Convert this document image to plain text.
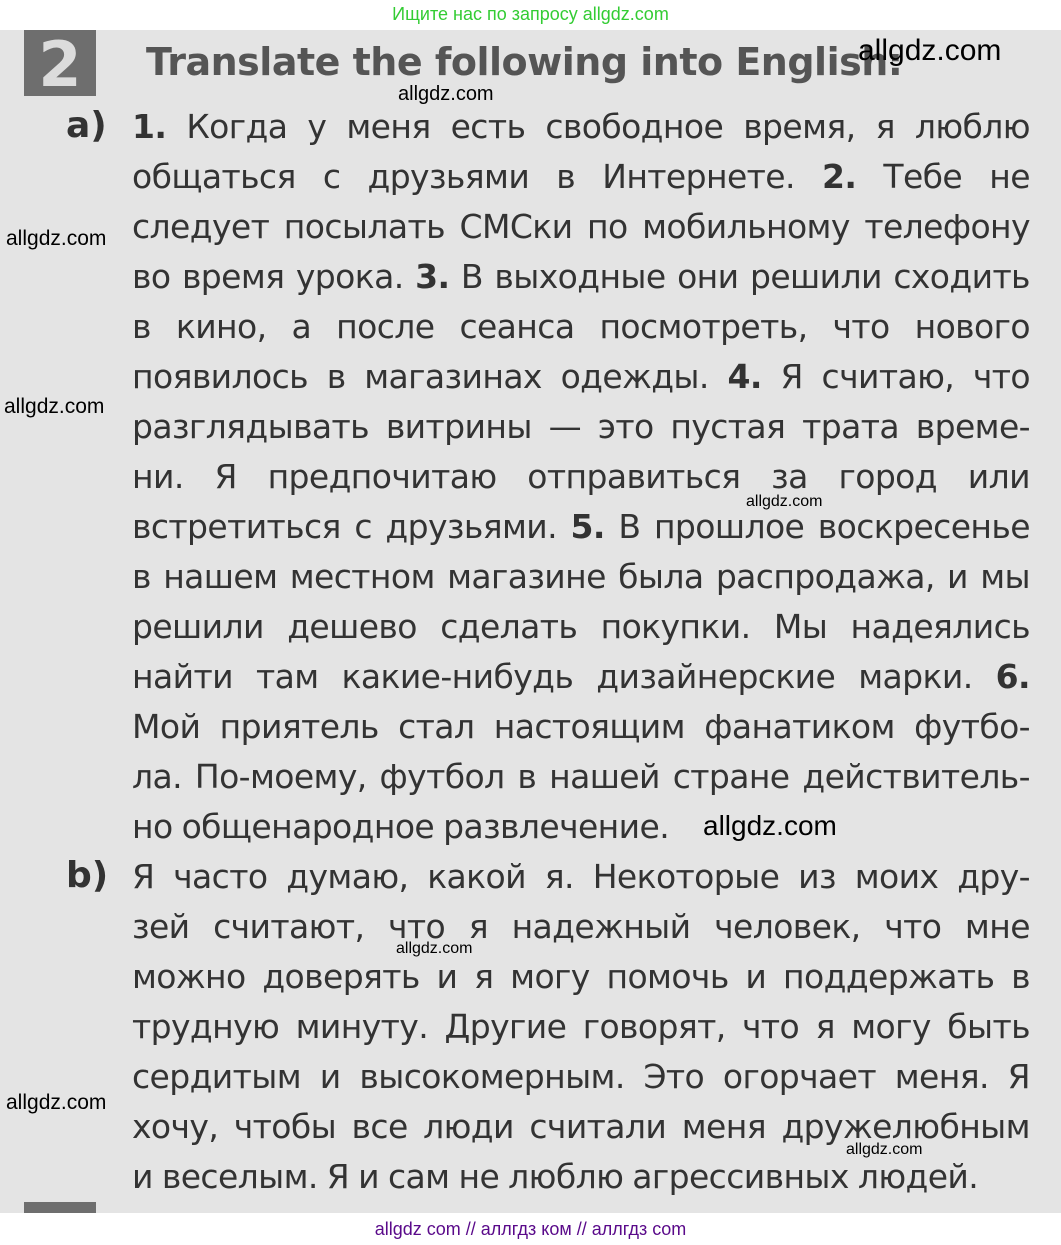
Ищите нас по запросу allgdz.com
2	Translate the following into English:
a)
b)
1. Когда у меня есть свободное время, я люблю
общаться с друзьями в Интернете. 2. Тебе не
следует посылать СМСки по мобильному телефону
во время урока. 3. В выходные они решили сходить
в кино, а после сеанса посмотреть, что нового
появилось в магазинах одежды. 4. Я считаю, что
разглядывать витрины — это пустая трата време-
ни. Я предпочитаю отправиться за город или
встретиться с друзьями. 5. В прошлое воскресенье
в нашем местном магазине была распродажа, и мы
решили дешево сделать покупки. Мы надеялись
найти там какие-нибудь дизайнерские марки. 6.
Мой приятель стал настоящим фанатиком футбо-
ла. По-моему, футбол в нашей стране действитель-
но общенародное развлечение.
Я часто думаю, какой я. Некоторые из моих дру-
зей считают, что я надежный человек, что мне
можно доверять и я могу помочь и поддержать в
трудную минуту. Другие говорят, что я могу быть
сердитым и высокомерным. Это огорчает меня. Я
хочу, чтобы все люди считали меня дружелюбным
и веселым. Я и сам не люблю агрессивных людей.
allgdz.com
allgdz.com
allgdz.com
allgdz.com
allgdz.com
allgdz.com
allgdz.com
allgdz.com
allgdz.com
allgdz com // аллгдз ком // аллгдз com
